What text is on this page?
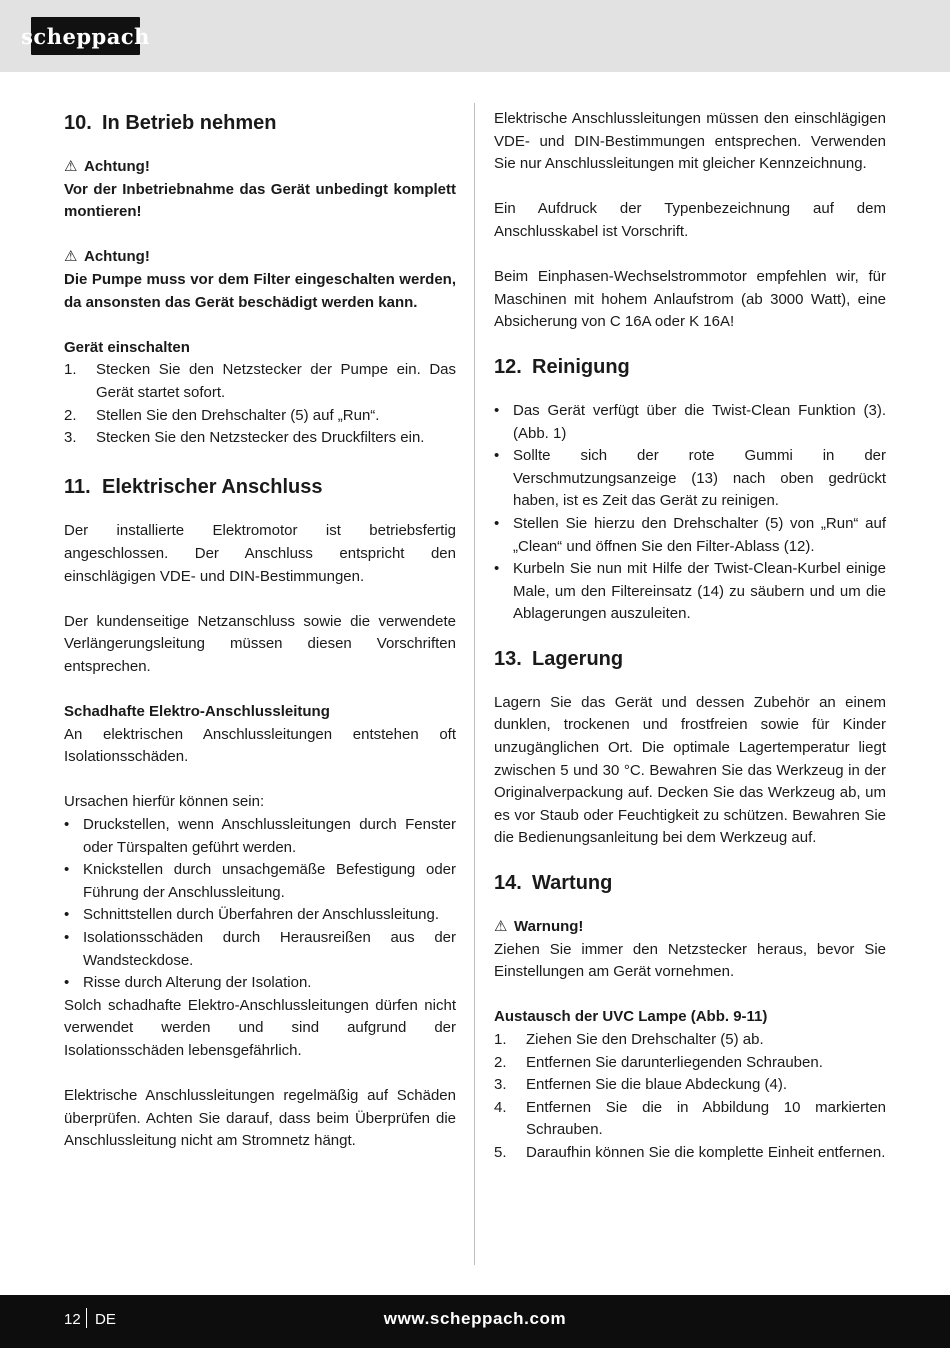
scheppach
10. In Betrieb nehmen
⚠ Achtung!

Vor der Inbetriebnahme das Gerät unbedingt komplett montieren!

⚠ Achtung!

Die Pumpe muss vor dem Filter eingeschalten werden, da ansonsten das Gerät beschädigt werden kann.

Gerät einschalten
1.	Stecken Sie den Netzstecker der Pumpe ein. Das Gerät startet sofort.
2.	Stellen Sie den Drehschalter (5) auf „Run“.
3.	Stecken Sie den Netzstecker des Druckfilters ein.
11. Elektrischer Anschluss

Der installierte Elektromotor ist betriebsfertig angeschlossen. Der Anschluss entspricht den einschlägigen VDE- und DIN-Bestimmungen.

Der kundenseitige Netzanschluss sowie die verwendete Verlängerungsleitung müssen diesen Vorschriften entsprechen.

Schadhafte Elektro-Anschlussleitung

An elektrischen Anschlussleitungen entstehen oft Isolationsschäden.

Ursachen hierfür können sein:

• Druckstellen, wenn Anschlussleitungen durch Fenster oder Türspalten geführt werden.
• Knickstellen durch unsachgemäße Befestigung oder Führung der Anschlussleitung.
• Schnittstellen durch Überfahren der Anschlussleitung.
• Isolationsschäden durch Herausreißen aus der Wandsteckdose.
• Risse durch Alterung der Isolation.

Solch schadhafte Elektro-Anschlussleitungen dürfen nicht verwendet werden und sind aufgrund der Isolationsschäden lebensgefährlich.

Elektrische Anschlussleitungen regelmäßig auf Schäden überprüfen. Achten Sie darauf, dass beim Überprüfen die Anschlussleitung nicht am Stromnetz hängt.

Elektrische Anschlussleitungen müssen den einschlägigen VDE- und DIN-Bestimmungen entsprechen. Verwenden Sie nur Anschlussleitungen mit gleicher Kennzeichnung.

Ein Aufdruck der Typenbezeichnung auf dem Anschlusskabel ist Vorschrift.

Beim Einphasen-Wechselstrommotor empfehlen wir, für Maschinen mit hohem Anlaufstrom (ab 3000 Watt), eine Absicherung von C 16A oder K 16A!

12. Reinigung
• Das Gerät verfügt über die Twist-Clean Funktion (3). (Abb. 1)
• Sollte sich der rote Gummi in der Verschmutzungsanzeige (13) nach oben gedrückt haben, ist es Zeit das Gerät zu reinigen.
• Stellen Sie hierzu den Drehschalter (5) von „Run“ auf „Clean“ und öffnen Sie den Filter-Ablass (12).
• Kurbeln Sie nun mit Hilfe der Twist-Clean-Kurbel einige Male, um den Filtereinsatz (14) zu säubern und um die Ablagerungen auszuleiten.
13. Lagerung

Lagern Sie das Gerät und dessen Zubehör an einem dunklen, trockenen und frostfreien sowie für Kinder unzugänglichen Ort. Die optimale Lagertemperatur liegt zwischen 5 und 30 °C. Bewahren Sie das Werkzeug in der Originalverpackung auf. Decken Sie das Werkzeug ab, um es vor Staub oder Feuchtigkeit zu schützen. Bewahren Sie die Bedienungsanleitung bei dem Werkzeug auf.

14. Wartung
⚠ Warnung!

Ziehen Sie immer den Netzstecker heraus, bevor Sie Einstellungen am Gerät vornehmen.

Austausch der UVC Lampe (Abb. 9-11)
1.	Ziehen Sie den Drehschalter (5) ab.
2.	Entfernen Sie darunterliegenden Schrauben.
3.	Entfernen Sie die blaue Abdeckung (4).
4.	Entfernen Sie die in Abbildung 10 markierten Schrauben.
5.	Daraufhin können Sie die komplette Einheit entfernen.
12 DE	www.scheppach.com
